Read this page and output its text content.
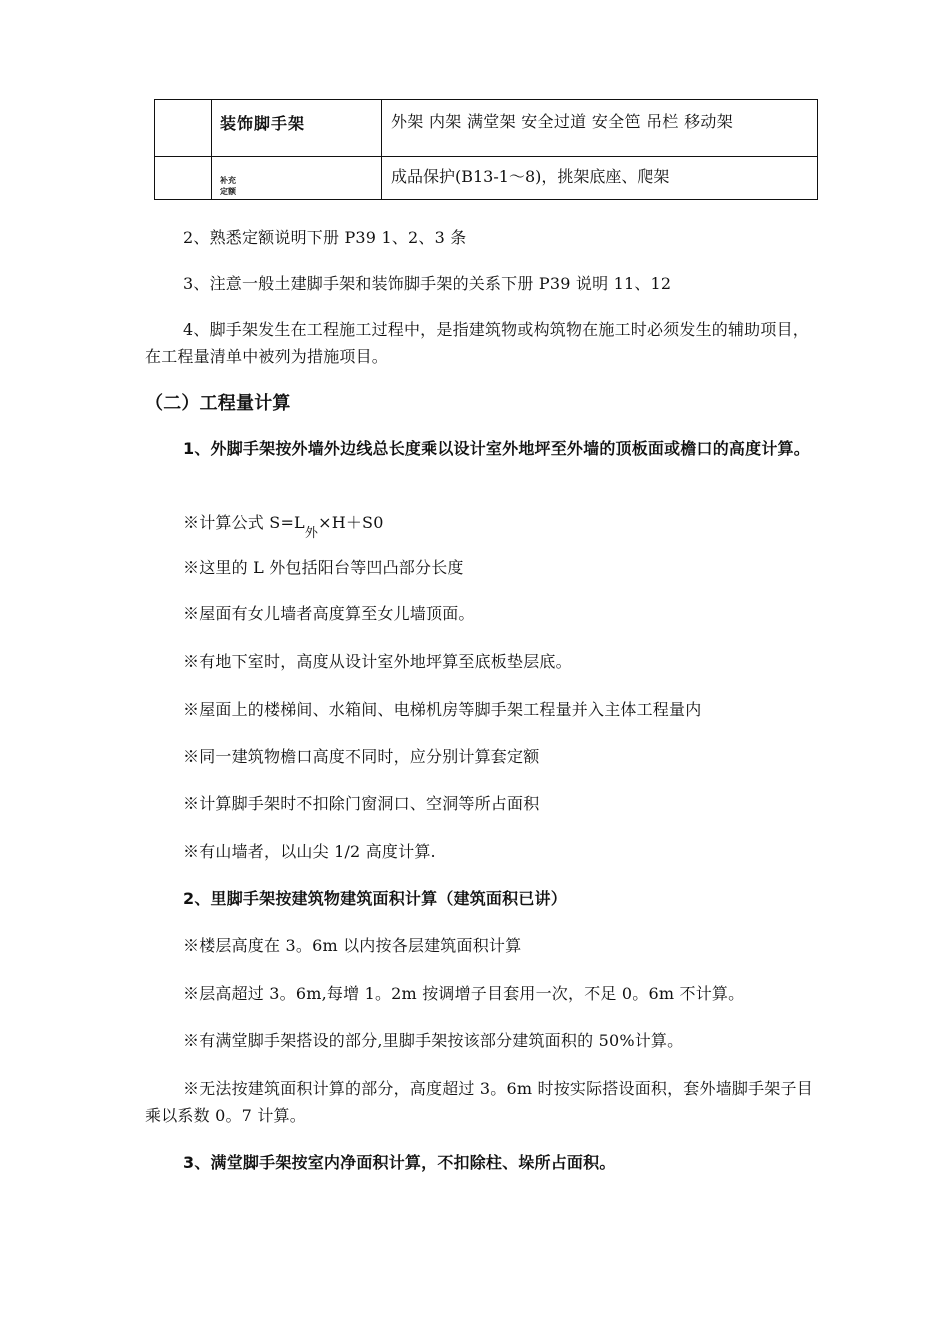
	装饰脚手架	外架 内架 满堂架 安全过道 安全笆 吊栏 移动架

	补充
定额	成品保护(B13-1～8)，挑架底座、爬架

2、熟悉定额说明下册 P39 1、2、3 条

3、注意一般土建脚手架和装饰脚手架的关系下册 P39 说明 11、12

4、脚手架发生在工程施工过程中，是指建筑物或构筑物在施工时必须发生的辅助项目，在工程量清单中被列为措施项目。

（二）工程量计算

1、外脚手架按外墙外边线总长度乘以设计室外地坪至外墙的顶板面或檐口的高度计算。

※计算公式 $S=L_外\times H+S0$

※这里的 L 外包括阳台等凹凸部分长度

※屋面有女儿墙者高度算至女儿墙顶面。

※有地下室时，高度从设计室外地坪算至底板垫层底。

※屋面上的楼梯间、水箱间、电梯机房等脚手架工程量并入主体工程量内

※同一建筑物檐口高度不同时，应分别计算套定额

※计算脚手架时不扣除门窗洞口、空洞等所占面积

※有山墙者，以山尖 1/2 高度计算.

2、里脚手架按建筑物建筑面积计算（建筑面积已讲）

※楼层高度在 3。6m 以内按各层建筑面积计算

※层高超过 3。6m,每增 1。2m 按调增子目套用一次，不足 0。6m 不计算。

※有满堂脚手架搭设的部分,里脚手架按该部分建筑面积的 50%计算。

※无法按建筑面积计算的部分，高度超过 3。6m 时按实际搭设面积，套外墙脚手架子目乘以系数 0。7 计算。

3、满堂脚手架按室内净面积计算，不扣除柱、垛所占面积。
